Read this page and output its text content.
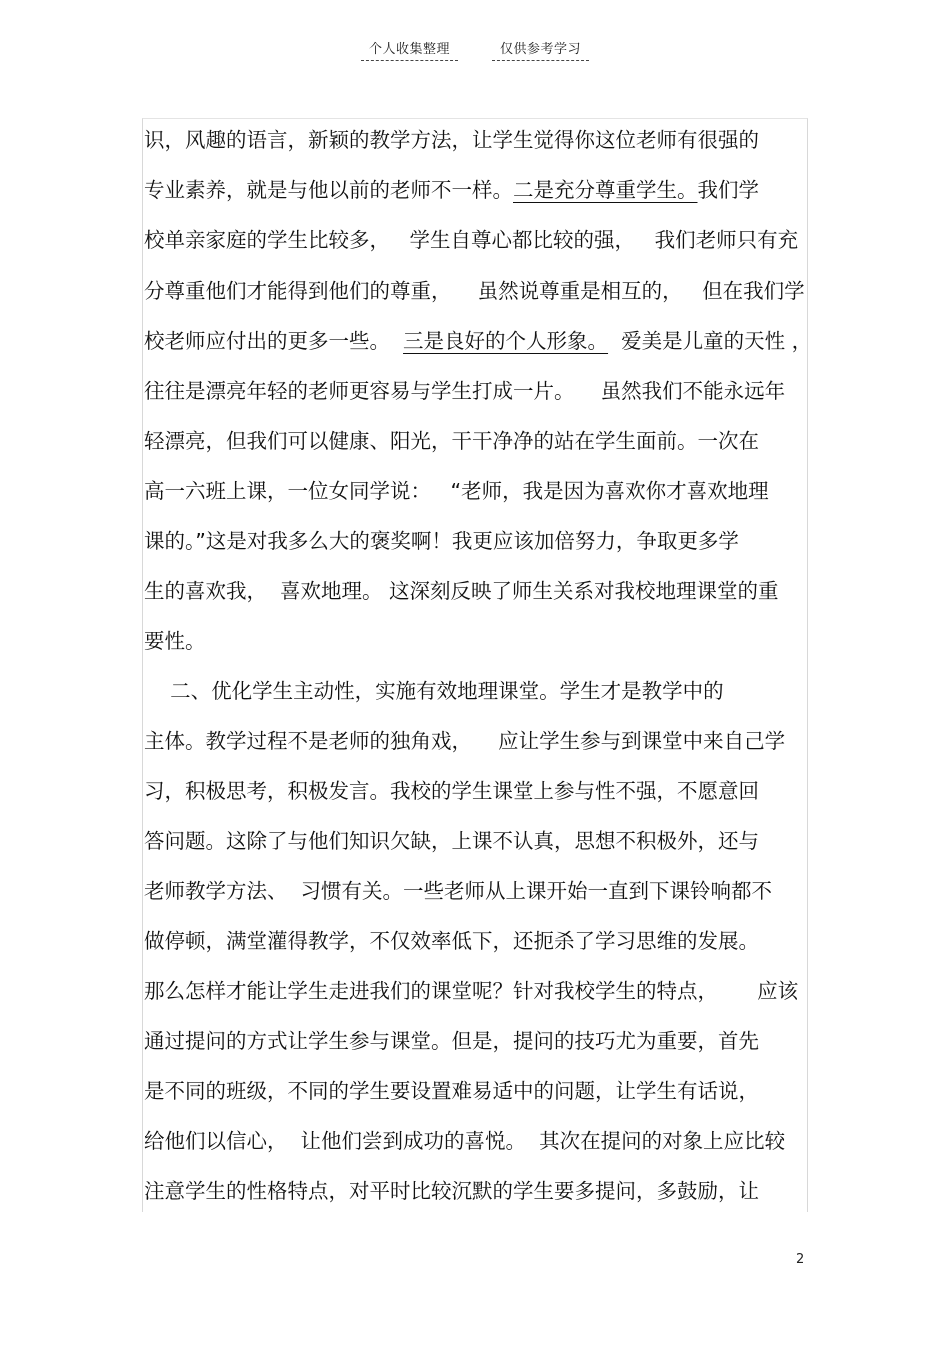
个人收集整理	仅供参考学习
识，风趣的语言，新颖的教学方法，让学生觉得你这位老师有很强的
专业素养，就是与他以前的老师不一样。二是充分尊重学生。我们学
校单亲家庭的学生比较多，   学生自尊心都比较的强，   我们老师只有充
分尊重他们才能得到他们的尊重，    虽然说尊重是相互的，   但在我们学
校老师应付出的更多一些。  三是良好的个人形象。  爱美是儿童的天性 ，
往往是漂亮年轻的老师更容易与学生打成一片。    虽然我们不能永远年
轻漂亮，但我们可以健康、阳光，干干净净的站在学生面前。一次在
高一六班上课，一位女同学说：   “老师，我是因为喜欢你才喜欢地理
课的。”这是对我多么大的褒奖啊！我更应该加倍努力，争取更多学
生的喜欢我，  喜欢地理。 这深刻反映了师生关系对我校地理课堂的重
要性。
二、优化学生主动性，实施有效地理课堂。学生才是教学中的
主体。教学过程不是老师的独角戏，    应让学生参与到课堂中来自己学
习，积极思考，积极发言。我校的学生课堂上参与性不强，不愿意回
答问题。这除了与他们知识欠缺，上课不认真，思想不积极外，还与
老师教学方法、  习惯有关。一些老师从上课开始一直到下课铃响都不
做停顿，满堂灌得教学，不仅效率低下，还扼杀了学习思维的发展。
那么怎样才能让学生走进我们的课堂呢？针对我校学生的特点，      应该
通过提问的方式让学生参与课堂。但是，提问的技巧尤为重要，首先
是不同的班级，不同的学生要设置难易适中的问题，让学生有话说，
给他们以信心，  让他们尝到成功的喜悦。  其次在提问的对象上应比较
注意学生的性格特点，对平时比较沉默的学生要多提问，多鼓励，让
2
